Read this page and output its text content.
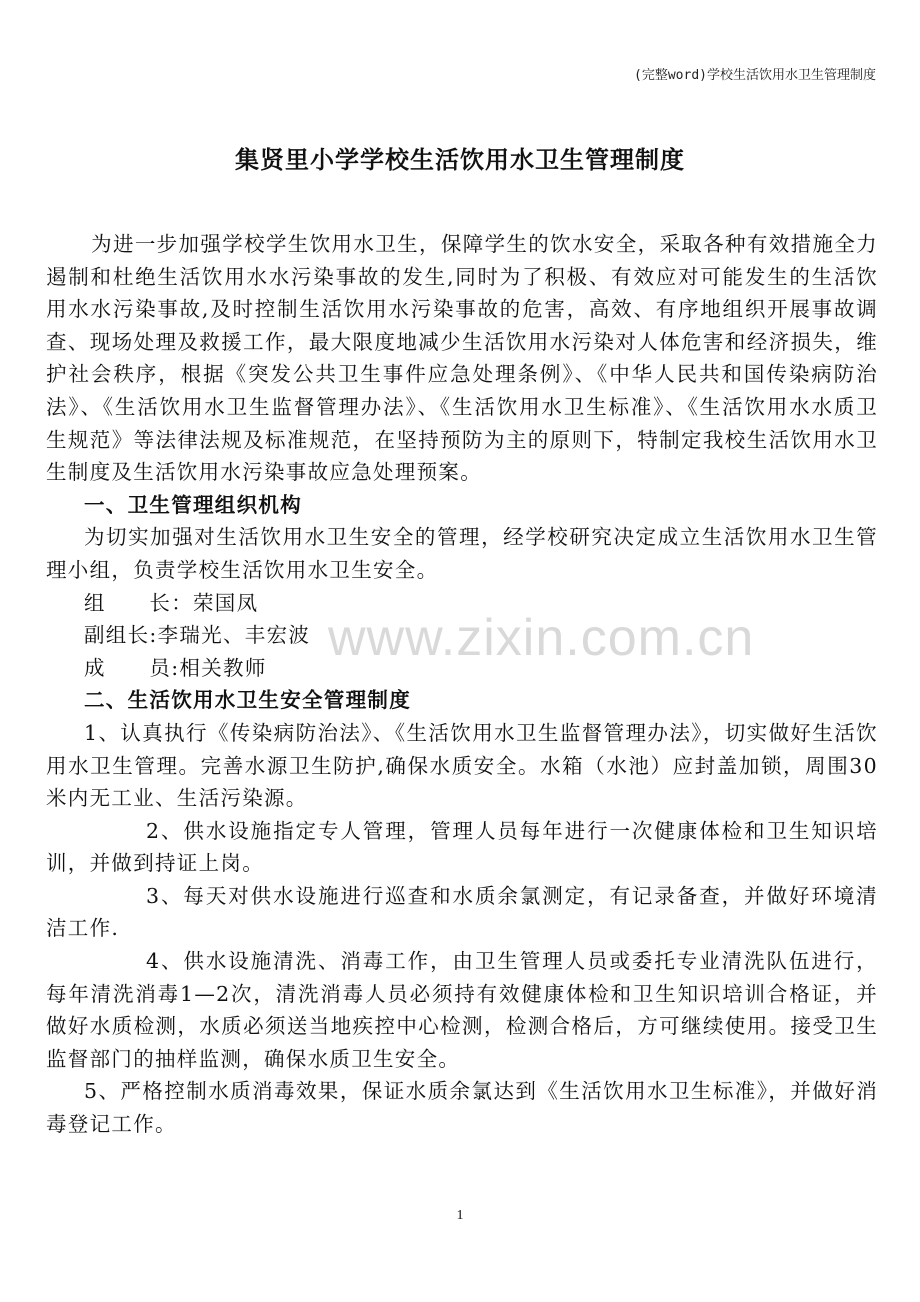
(完整word)学校生活饮用水卫生管理制度
集贤里小学学校生活饮用水卫生管理制度
www.zixin.com.cn

为进一步加强学校学生饮用水卫生，保障学生的饮水安全，采取各种有效措施全力遏制和杜绝生活饮用水水污染事故的发生,同时为了积极、有效应对可能发生的生活饮用水水污染事故,及时控制生活饮用水污染事故的危害，高效、有序地组织开展事故调查、现场处理及救援工作，最大限度地减少生活饮用水污染对人体危害和经济损失，维护社会秩序，根据《突发公共卫生事件应急处理条例》、《中华人民共和国传染病防治法》、《生活饮用水卫生监督管理办法》、《生活饮用水卫生标准》、《生活饮用水水质卫生规范》等法律法规及标准规范，在坚持预防为主的原则下，特制定我校生活饮用水卫生制度及生活饮用水污染事故应急处理预案。

一、卫生管理组织机构

为切实加强对生活饮用水卫生安全的管理，经学校研究决定成立生活饮用水卫生管理小组，负责学校生活饮用水卫生安全。

组　　长：荣国凤

副组长:李瑞光、丰宏波

成　　员:相关教师

二、生活饮用水卫生安全管理制度

1、认真执行《传染病防治法》、《生活饮用水卫生监督管理办法》，切实做好生活饮用水卫生管理。完善水源卫生防护,确保水质安全。水箱（水池）应封盖加锁，周围30米内无工业、生活污染源。

2、供水设施指定专人管理，管理人员每年进行一次健康体检和卫生知识培训，并做到持证上岗。

3、每天对供水设施进行巡查和水质余氯测定，有记录备查，并做好环境清洁工作.

4、供水设施清洗、消毒工作，由卫生管理人员或委托专业清洗队伍进行，每年清洗消毒1—2次，清洗消毒人员必须持有效健康体检和卫生知识培训合格证，并做好水质检测，水质必须送当地疾控中心检测，检测合格后，方可继续使用。接受卫生监督部门的抽样监测，确保水质卫生安全。

5、严格控制水质消毒效果，保证水质余氯达到《生活饮用水卫生标准》，并做好消毒登记工作。

1
